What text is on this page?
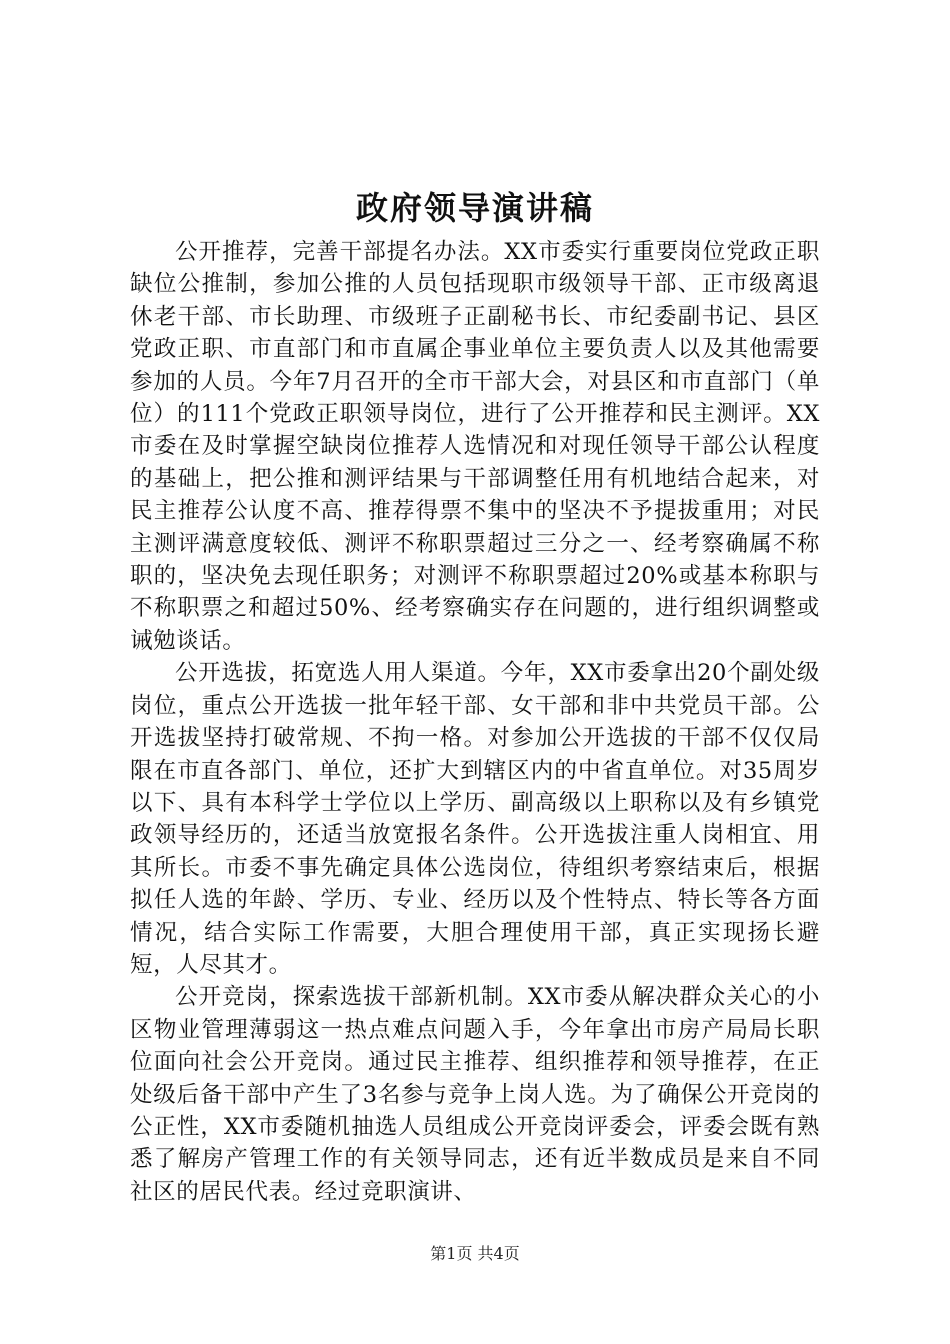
政府领导演讲稿

公开推荐，完善干部提名办法。XX市委实行重要岗位党政正职缺位公推制，参加公推的人员包括现职市级领导干部、正市级离退休老干部、市长助理、市级班子正副秘书长、市纪委副书记、县区党政正职、市直部门和市直属企事业单位主要负责人以及其他需要参加的人员。今年7月召开的全市干部大会，对县区和市直部门（单位）的111个党政正职领导岗位，进行了公开推荐和民主测评。XX市委在及时掌握空缺岗位推荐人选情况和对现任领导干部公认程度的基础上，把公推和测评结果与干部调整任用有机地结合起来，对民主推荐公认度不高、推荐得票不集中的坚决不予提拔重用；对民主测评满意度较低、测评不称职票超过三分之一、经考察确属不称职的，坚决免去现任职务；对测评不称职票超过20%或基本称职与不称职票之和超过50%、经考察确实存在问题的，进行组织调整或诫勉谈话。

公开选拔，拓宽选人用人渠道。今年，XX市委拿出20个副处级岗位，重点公开选拔一批年轻干部、女干部和非中共党员干部。公开选拔坚持打破常规、不拘一格。对参加公开选拔的干部不仅仅局限在市直各部门、单位，还扩大到辖区内的中省直单位。对35周岁以下、具有本科学士学位以上学历、副高级以上职称以及有乡镇党政领导经历的，还适当放宽报名条件。公开选拔注重人岗相宜、用其所长。市委不事先确定具体公选岗位，待组织考察结束后，根据拟任人选的年龄、学历、专业、经历以及个性特点、特长等各方面情况，结合实际工作需要，大胆合理使用干部，真正实现扬长避短，人尽其才。

公开竞岗，探索选拔干部新机制。XX市委从解决群众关心的小区物业管理薄弱这一热点难点问题入手，今年拿出市房产局局长职位面向社会公开竞岗。通过民主推荐、组织推荐和领导推荐，在正处级后备干部中产生了3名参与竞争上岗人选。为了确保公开竞岗的公正性，XX市委随机抽选人员组成公开竞岗评委会，评委会既有熟悉了解房产管理工作的有关领导同志，还有近半数成员是来自不同社区的居民代表。经过竞职演讲、

第1页 共4页
